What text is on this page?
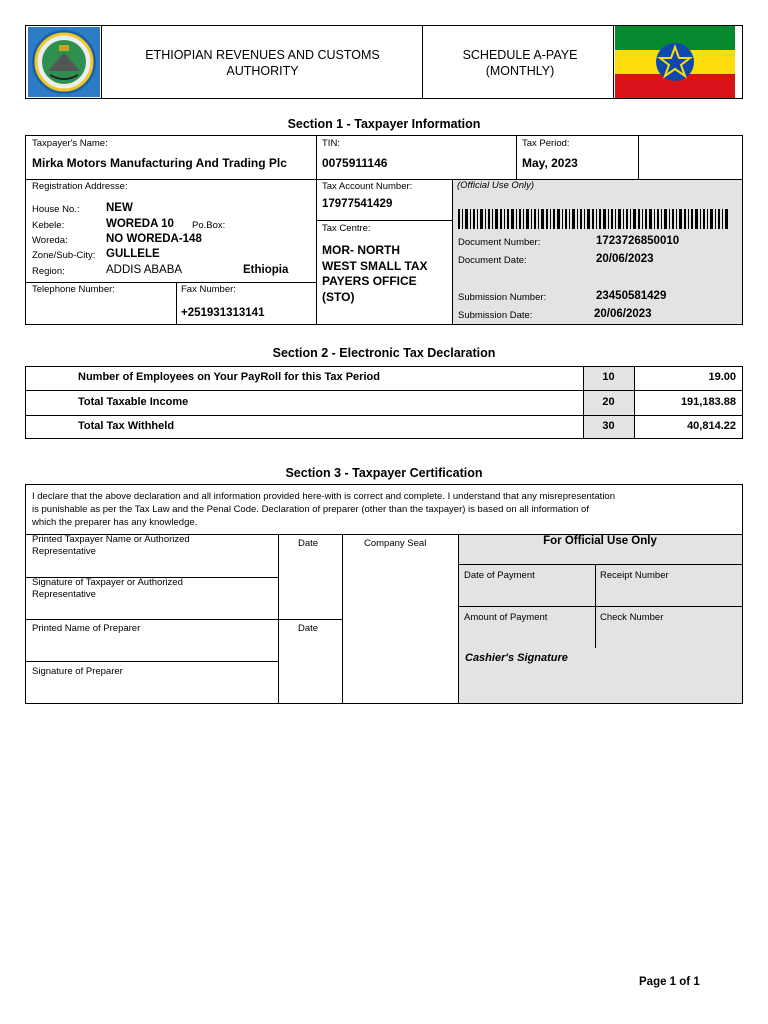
ETHIOPIAN REVENUES AND CUSTOMS AUTHORITY
SCHEDULE A-PAYE
(MONTHLY)
Section 1 - Taxpayer Information
Taxpayer's Name:
Mirka Motors Manufacturing And Trading Plc
TIN:
0075911146
Tax Period:
May, 2023
Registration Addresse:
House No.: NEW
Kebele:	WOREDA 10 Po.Box:
Woreda:	NO WOREDA-148
Zone/Sub-City: GULLELE
Region:	ADDIS ABABA	Ethiopia
Telephone Number:	Fax Number:
+251931313141
Tax Account Number:
17977541429
Tax Centre:
MOR- NORTH
WEST SMALL TAX
PAYERS OFFICE
(STO)
(Official Use Only)
Document Number:	1723726850010
Document Date:	20/06/2023
Submission Number:	23450581429
Submission Date:	20/06/2023
Section 2 - Electronic Tax Declaration
Number of Employees on Your PayRoll for this Tax Period	10	19.00
Total Taxable Income	20	191,183.88
Total Tax Withheld	30	40,814.22
Section 3 - Taxpayer Certification
I declare that the above declaration and all information provided here-with is correct and complete. I understand that any misrepresentation
is punishable as per the Tax Law and the Penal Code. Declaration of preparer (other than the taxpayer) is based on all information of
which the preparer has any knowledge.
Printed Taxpayer Name or Authorized
Representative
Date	Company Seal	For Official Use Only
Signature of Taxpayer or Authorized
Representative
Date of Payment	Receipt Number
Printed Name of Preparer	Date
Amount of Payment	Check Number
Cashier's Signature
Signature of Preparer
Page 1 of 1
